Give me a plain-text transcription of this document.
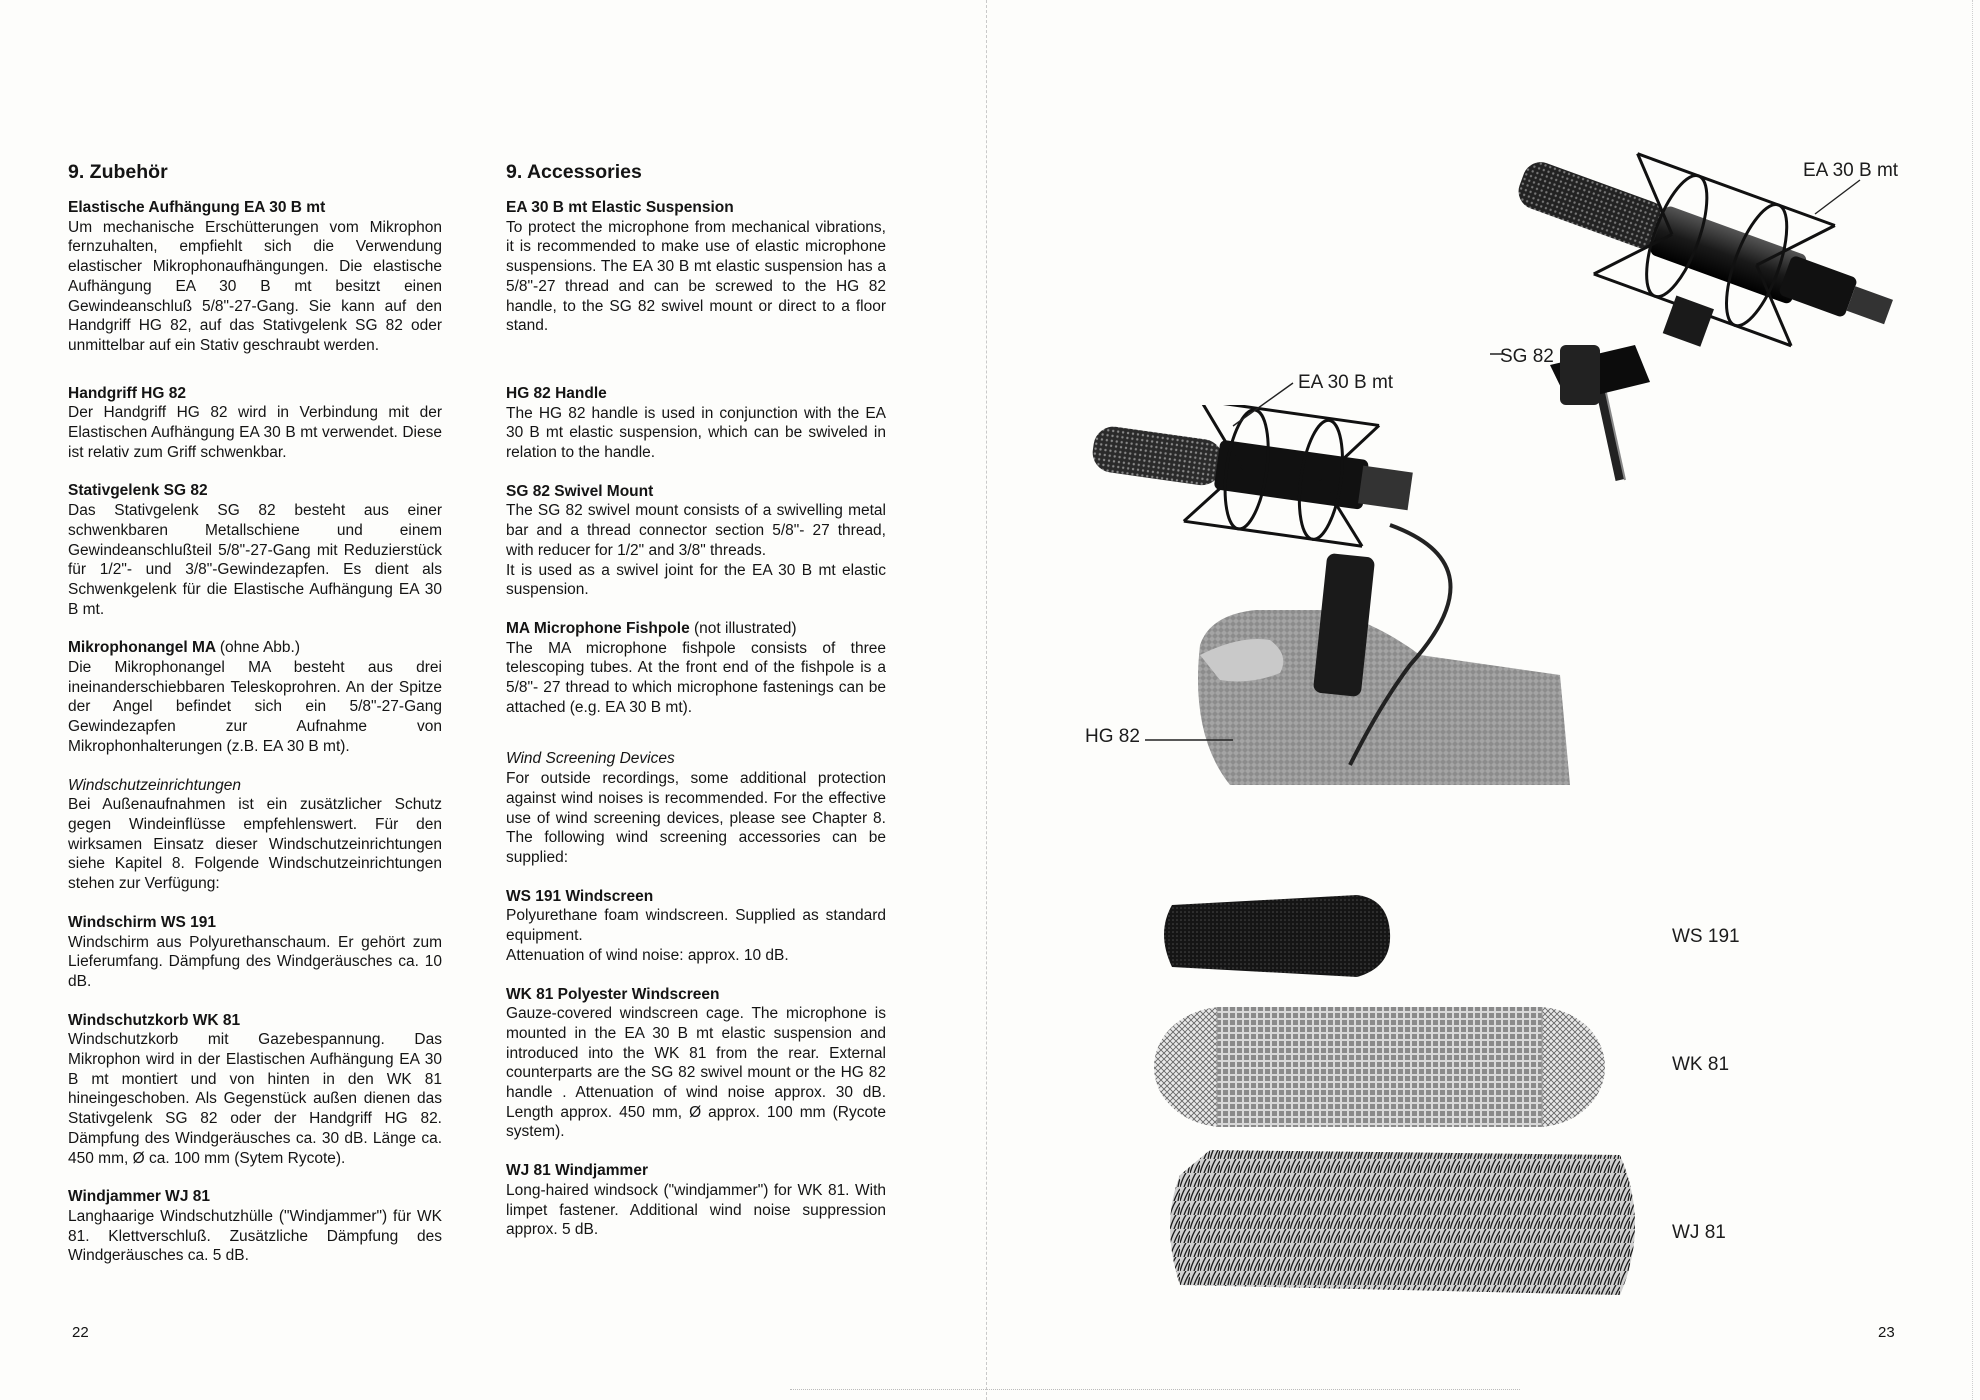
9. Zubehör
Elastische Aufhängung EA 30 B mt
Um mechanische Erschütterungen vom Mikrophon fernzuhalten, empfiehlt sich die Verwendung elastischer Mikrophonaufhängungen. Die elastische Aufhängung EA 30 B mt besitzt einen Gewindeanschluß 5/8"-27-Gang. Sie kann auf den Handgriff HG 82, auf das Stativgelenk SG 82 oder unmittelbar auf ein Stativ geschraubt werden.
Handgriff HG 82
Der Handgriff HG 82 wird in Verbindung mit der Elastischen Aufhängung EA 30 B mt verwendet. Diese ist relativ zum Griff schwenkbar.
Stativgelenk SG 82
Das Stativgelenk SG 82 besteht aus einer schwenkbaren Metallschiene und einem Gewindeanschlußteil 5/8"-27-Gang mit Reduzierstück für 1/2"- und 3/8"-Gewindezapfen. Es dient als Schwenkgelenk für die Elastische Aufhängung EA 30 B mt.
Mikrophonangel MA (ohne Abb.)
Die Mikrophonangel MA besteht aus drei ineinanderschiebbaren Teleskoprohren. An der Spitze der Angel befindet sich ein 5/8"-27-Gang Gewindezapfen zur Aufnahme von Mikrophonhalterungen (z.B. EA 30 B mt).
Windschutzeinrichtungen
Bei Außenaufnahmen ist ein zusätzlicher Schutz gegen Windeinflüsse empfehlenswert. Für den wirksamen Einsatz dieser Windschutzeinrichtungen siehe Kapitel 8. Folgende Windschutzeinrichtungen stehen zur Verfügung:
Windschirm WS 191
Windschirm aus Polyurethanschaum. Er gehört zum Lieferumfang. Dämpfung des Windgeräusches ca. 10 dB.
Windschutzkorb WK 81
Windschutzkorb mit Gazebespannung. Das Mikrophon wird in der Elastischen Aufhängung EA 30 B mt montiert und von hinten in den WK 81 hineingeschoben. Als Gegenstück außen dienen das Stativgelenk SG 82 oder der Handgriff HG 82. Dämpfung des Windgeräusches ca. 30 dB. Länge ca. 450 mm, Ø ca. 100 mm (Sytem Rycote).
Windjammer WJ 81
Langhaarige Windschutzhülle ("Windjammer") für WK 81. Klettverschluß. Zusätzliche Dämpfung des Windgeräusches ca. 5 dB.
9. Accessories
EA 30 B mt Elastic Suspension
To protect the microphone from mechanical vibrations, it is recommended to make use of elastic microphone suspensions. The EA 30 B mt elastic suspension has a 5/8"-27 thread and can be screwed to the HG 82 handle, to the SG 82 swivel mount or direct to a floor stand.
HG 82 Handle
The HG 82 handle is used in conjunction with the EA 30 B mt elastic suspension, which can be swiveled in relation to the handle.
SG 82 Swivel Mount
The SG 82 swivel mount consists of a swivelling metal bar and a thread connector section 5/8"- 27 thread, with reducer for 1/2" and 3/8" threads.
It is used as a swivel joint for the EA 30 B mt elastic suspension.
MA Microphone Fishpole (not illustrated)
The MA microphone fishpole consists of three telescoping tubes. At the front end of the fishpole is a 5/8"- 27 thread to which microphone fastenings can be attached (e.g. EA 30 B mt).
Wind Screening Devices
For outside recordings, some additional protection against wind noises is recommended. For the effective use of wind screening devices, please see Chapter 8. The following wind screening accessories can be supplied:
WS 191 Windscreen
Polyurethane foam windscreen. Supplied as standard equipment.
Attenuation of wind noise: approx. 10 dB.
WK 81 Polyester Windscreen
Gauze-covered windscreen cage. The microphone is mounted in the EA 30 B mt elastic suspension and introduced into the WK 81 from the rear. External counterparts are the SG 82 swivel mount or the HG 82 handle . Attenuation of wind noise approx. 30 dB. Length approx. 450 mm, Ø approx. 100 mm (Rycote system).
WJ 81 Windjammer
Long-haired windsock ("windjammer") for WK 81. With limpet fastener. Additional wind noise suppression approx. 5 dB.
22	23
EA 30 B mt
SG 82
EA 30 B mt
HG 82
WS 191
WK 81
WJ 81
